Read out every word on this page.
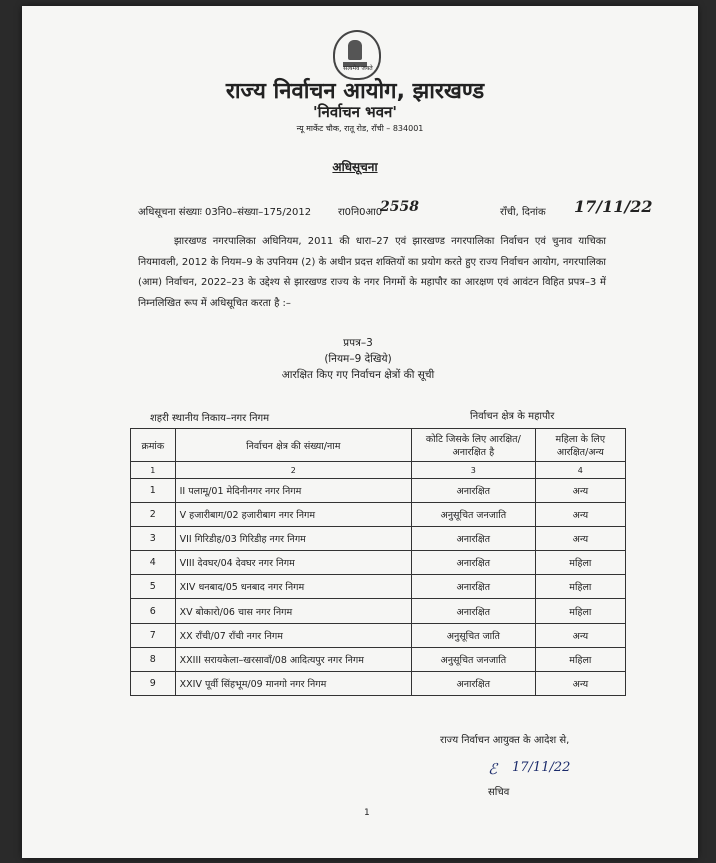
सत्यमेव जयते
राज्य निर्वाचन आयोग, झारखण्ड
'निर्वाचन भवन'
न्यू मार्केट चौक, रातू रोड, राँची – 834001
अधिसूचना
अधिसूचना संख्याः 03नि0–संख्या–175/2012	रा0नि0आ0
2558	राँची, दिनांक 17/11/22
झारखण्ड नगरपालिका अधिनियम, 2011 की धारा–27 एवं झारखण्ड नगरपालिका निर्वाचन एवं चुनाव याचिका नियमावली, 2012 के नियम–9 के उपनियम (2) के अधीन प्रदत्त शक्तियों का प्रयोग करते हुए राज्य निर्वाचन आयोग, नगरपालिका (आम) निर्वाचन, 2022–23 के उद्देश्य से झारखण्ड राज्य के नगर निगमों के महापौर का आरक्षण एवं आवंटन विहित प्रपत्र–3 में निम्नलिखित रूप में अधिसूचित करता है :–
प्रपत्र–3
(नियम–9 देखिये)
आरक्षित किए गए निर्वाचन क्षेत्रों की सूची
शहरी स्थानीय निकाय–नगर निगम	निर्वाचन क्षेत्र के महापौर
क्रमांक	निर्वाचन क्षेत्र की संख्या/नाम	कोटि जिसके लिए आरक्षित/अनारक्षित है	महिला के लिए आरक्षित/अन्य
1	2	3	4
1	II पलामू/01 मेदिनीनगर नगर निगम	अनारक्षित	अन्य
2	V हजारीबाग/02 हजारीबाग नगर निगम	अनुसूचित जनजाति	अन्य
3	VII गिरिडीह/03 गिरिडीह नगर निगम	अनारक्षित	अन्य
4	VIII देवघर/04 देवघर नगर निगम	अनारक्षित	महिला
5	XIV धनबाद/05 धनबाद नगर निगम	अनारक्षित	महिला
6	XV बोकारो/06 चास नगर निगम	अनारक्षित	महिला
7	XX राँची/07 राँची नगर निगम	अनुसूचित जाति	अन्य
8	XXIII सरायकेला–खरसावाँ/08 आदित्यपुर नगर निगम	अनुसूचित जनजाति	महिला
9	XXIV पूर्वी सिंहभूम/09 मानगो नगर निगम	अनारक्षित	अन्य
राज्य निर्वाचन आयुक्त के आदेश से,
ℰ 17/11/22
सचिव
1
